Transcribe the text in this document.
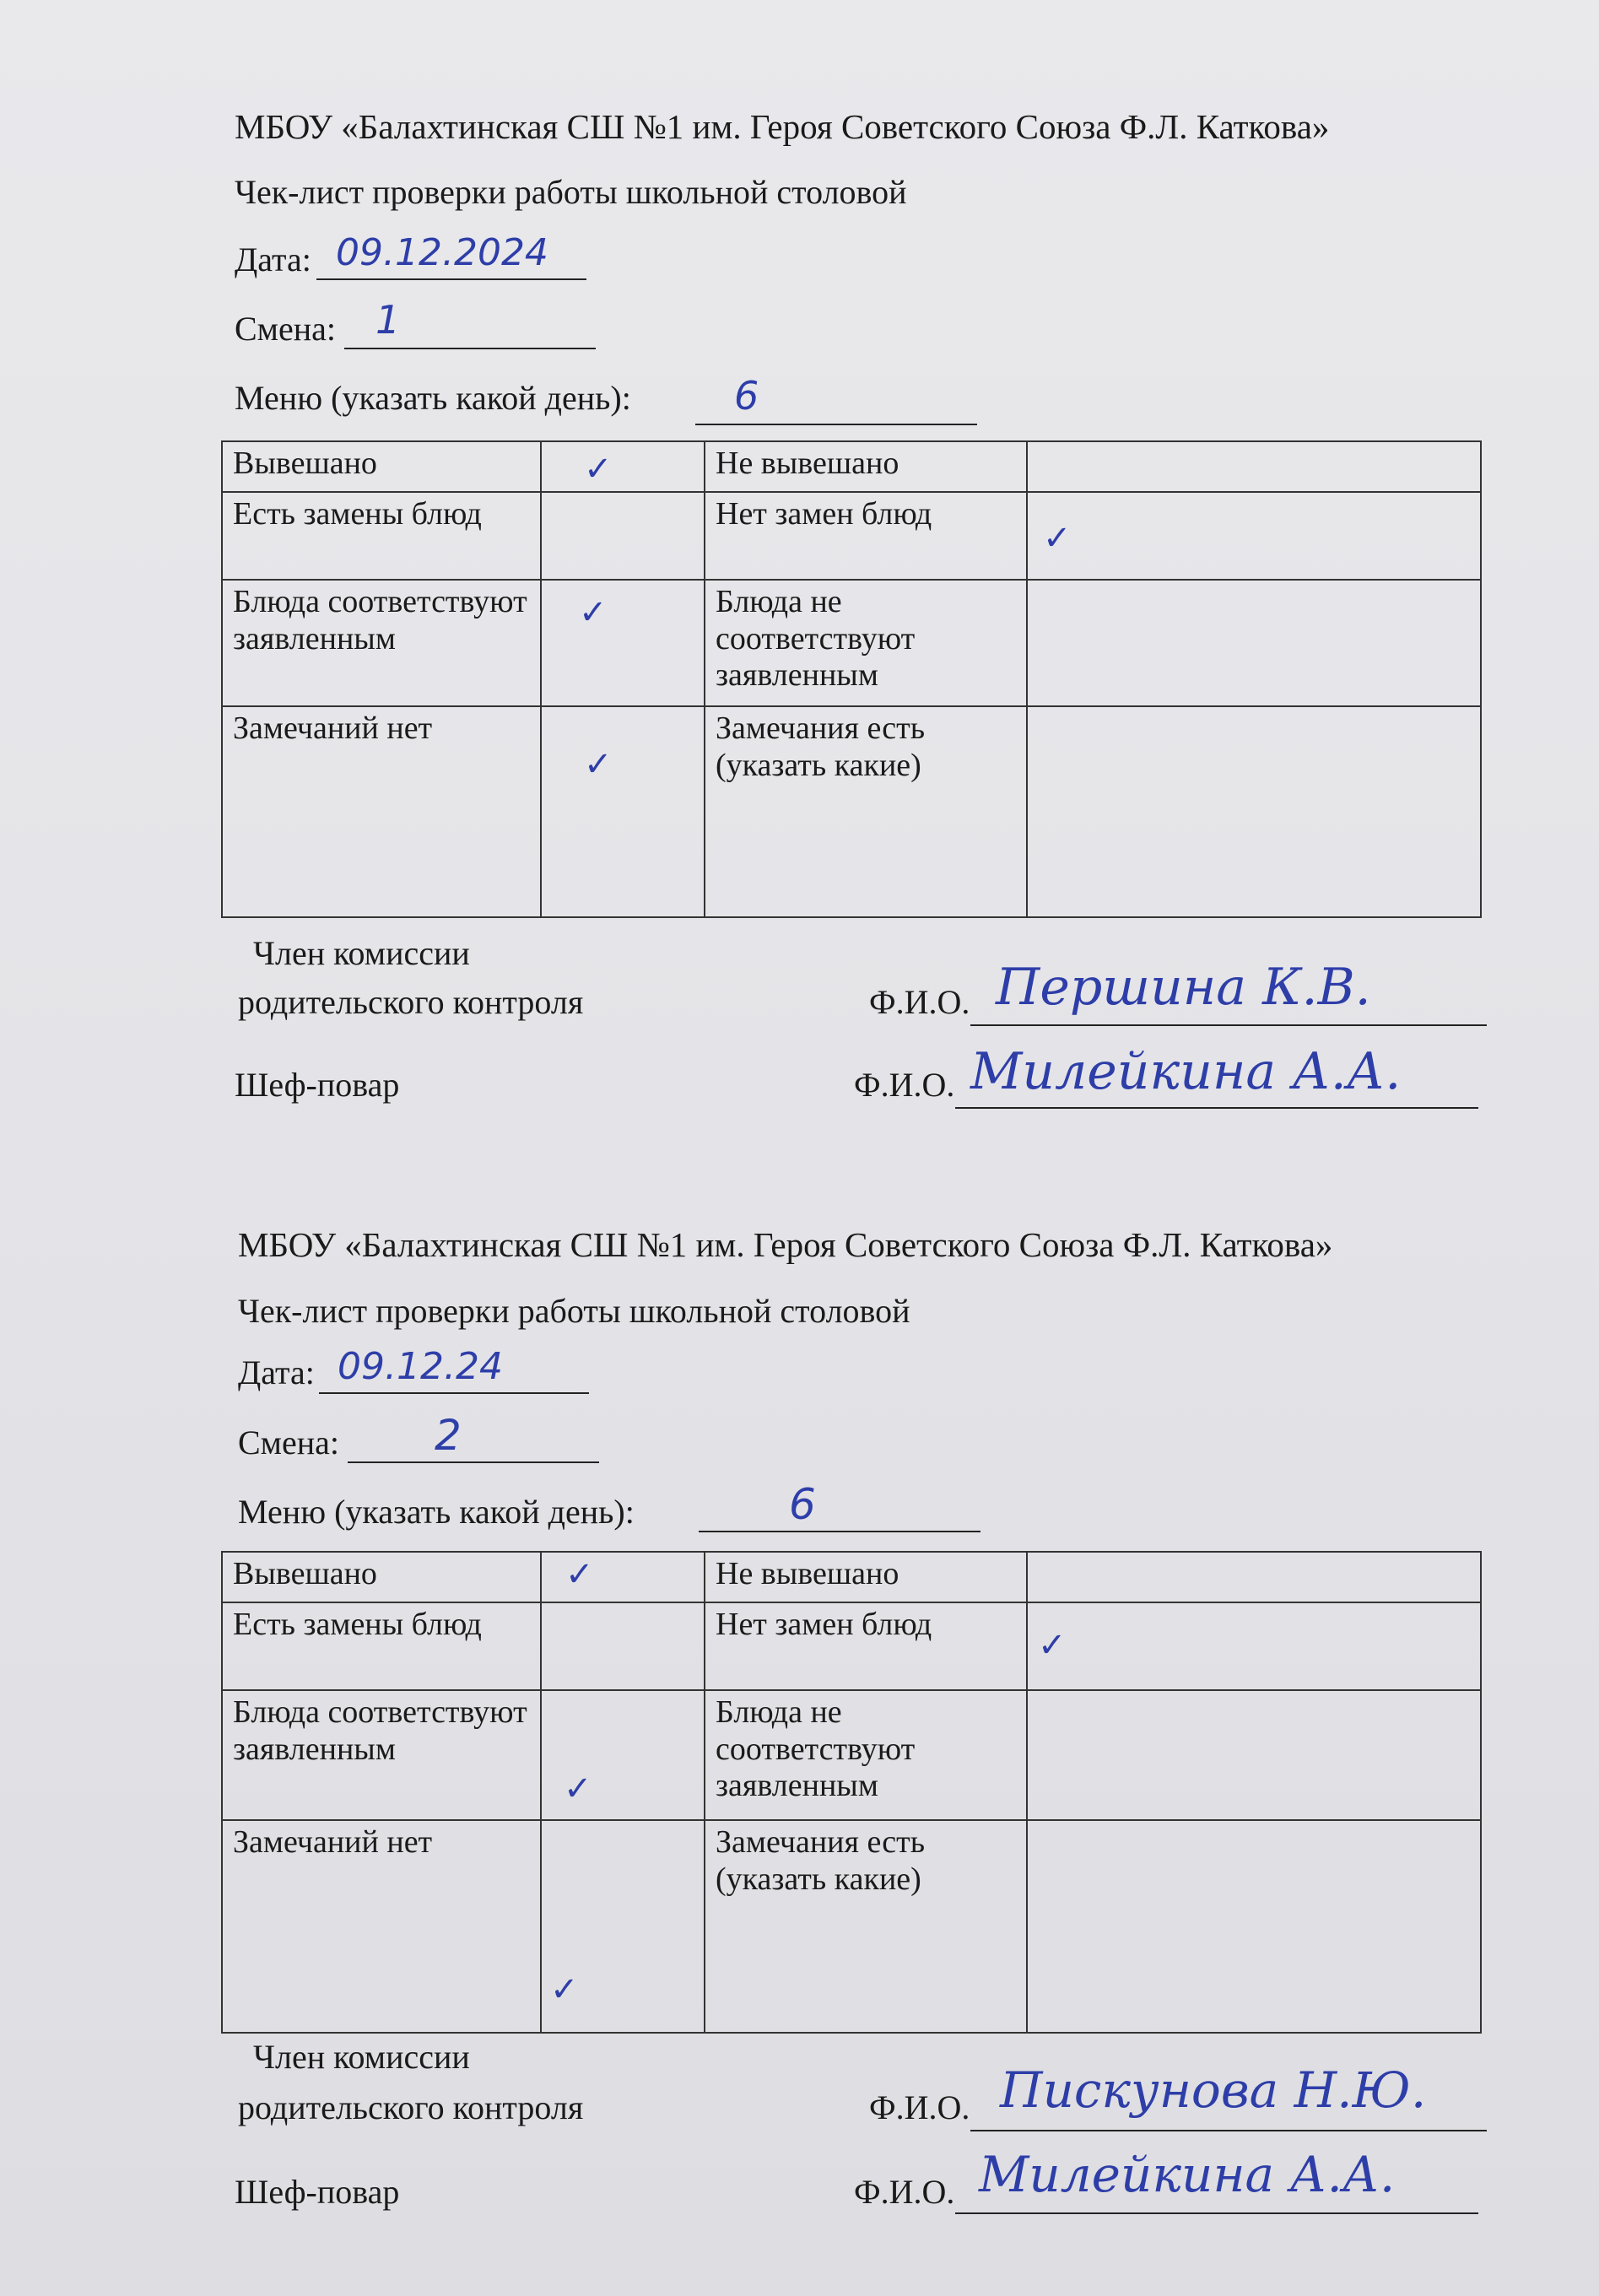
МБОУ «Балахтинская СШ №1 им. Героя Советского Союза Ф.Л. Каткова»
Чек-лист проверки работы школьной столовой
Дата: 09.12.2024
Смена: 1
Меню (указать какой день):	6
Вывешано	✓	Не вывешано	
Есть замены блюд		Нет замен блюд	✓

Блюда соответствуют заявленным	✓	Блюда не соответствуют заявленным	
Замечаний нет	✓	Замечания есть (указать какие)	
Член комиссии
родительского контроля	Ф.И.О. Першина К.В.
Шеф-повар	Ф.И.О. Милейкина А.А.
МБОУ «Балахтинская СШ №1 им. Героя Советского Союза Ф.Л. Каткова»
Чек-лист проверки работы школьной столовой
Дата: 09.12.24
Смена: 2
Меню (указать какой день):	6
Вывешано	✓	Не вывешано	
Есть замены блюд		Нет замен блюд	✓

Блюда соответствуют заявленным	✓	Блюда не соответствуют заявленным	
Замечаний нет	✓	Замечания есть (указать какие)	
Член комиссии
родительского контроля	Ф.И.О. Пискунова Н.Ю.
Шеф-повар	Ф.И.О. Милейкина А.А.
